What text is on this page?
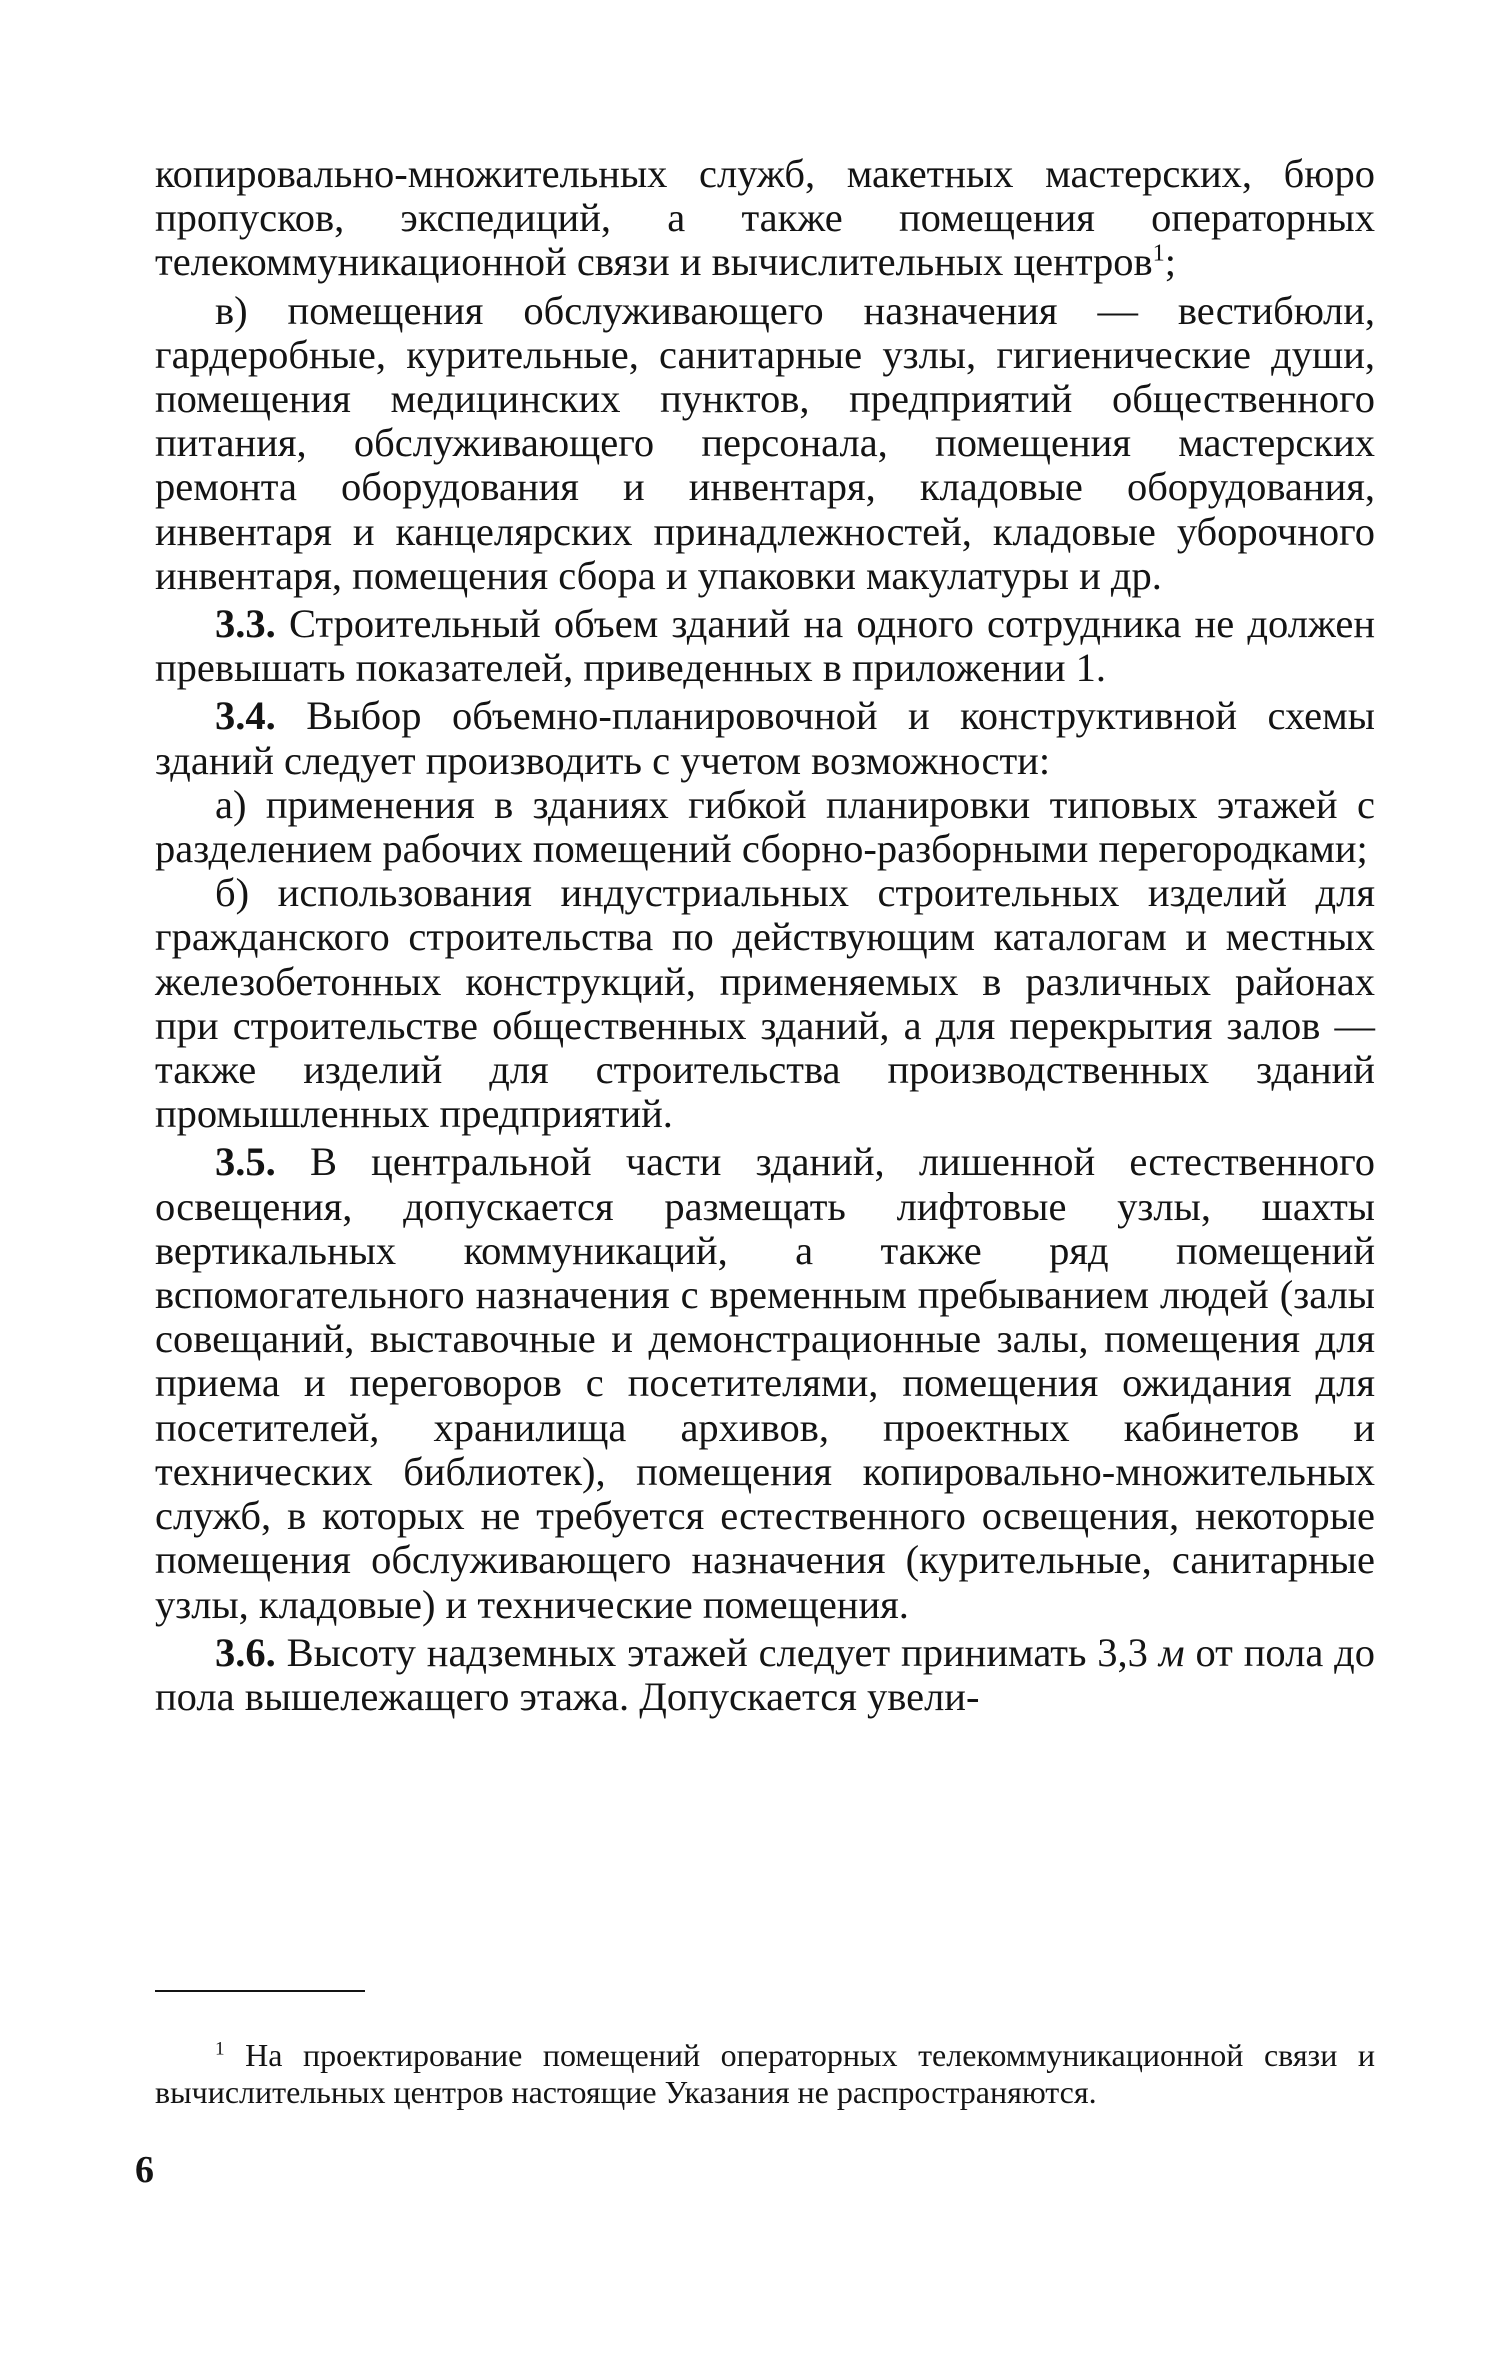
копировально-множительных служб, макетных мастерских, бюро пропусков, экспедиций, а также помещения операторных телекоммуникационной связи и вычислительных центров$^1$;

в) помещения обслуживающего назначения — вестибюли, гардеробные, курительные, санитарные узлы, гигиенические души, помещения медицинских пунктов, предприятий общественного питания, обслуживающего персонала, помещения мастерских ремонта оборудования и инвентаря, кладовые оборудования, инвентаря и канцелярских принадлежностей, кладовые уборочного инвентаря, помещения сбора и упаковки макулатуры и др.

3.3. Строительный объем зданий на одного сотрудника не должен превышать показателей, приведенных в приложении 1.

3.4. Выбор объемно-планировочной и конструктивной схемы зданий следует производить с учетом возможности:

а) применения в зданиях гибкой планировки типовых этажей с разделением рабочих помещений сборно-разборными перегородками;

б) использования индустриальных строительных изделий для гражданского строительства по действующим каталогам и местных железобетонных конструкций, применяемых в различных районах при строительстве общественных зданий, а для перекрытия залов — также изделий для строительства производственных зданий промышленных предприятий.

3.5. В центральной части зданий, лишенной естественного освещения, допускается размещать лифтовые узлы, шахты вертикальных коммуникаций, а также ряд помещений вспомогательного назначения с временным пребыванием людей (залы совещаний, выставочные и демонстрационные залы, помещения для приема и переговоров с посетителями, помещения ожидания для посетителей, хранилища архивов, проектных кабинетов и технических библиотек), помещения копировально-множительных служб, в которых не требуется естественного освещения, некоторые помещения обслуживающего назначения (курительные, санитарные узлы, кладовые) и технические помещения.

3.6. Высоту надземных этажей следует принимать 3,3 м от пола до пола вышележащего этажа. Допускается увели-

$^1$ На проектирование помещений операторных телекоммуникационной связи и вычислительных центров настоящие Указания не распространяются.

6
